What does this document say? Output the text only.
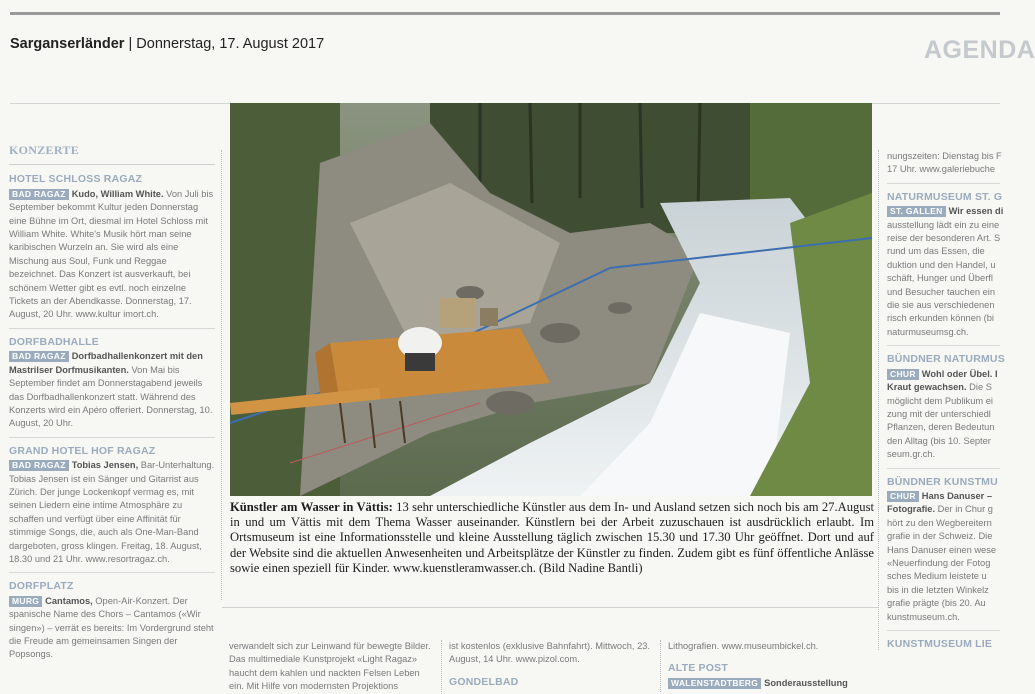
Sarganserländer | Donnerstag, 17. August 2017	AGENDA
KONZERTE
HOTEL SCHLOSS RAGAZ
BAD RAGAZ Kudo, William White. Von Juli bis September bekommt Kultur jeden Donnerstag eine Bühne im Ort, diesmal im Hotel Schloss mit William White. White's Musik hört man seine karibischen Wurzeln an. Sie wird als eine Mischung aus Soul, Funk und Reggae bezeichnet. Das Konzert ist ausverkauft, bei schönem Wetter gibt es evtl. noch einzelne Tickets an der Abendkasse. Donnerstag, 17. August, 20 Uhr. www.kultur imort.ch.
DORFBADHALLE
BAD RAGAZ Dorfbadhallenkonzert mit den Mastrilser Dorfmusikanten. Von Mai bis September findet am Donnerstagabend jeweils das Dorfbadhallenkonzert statt. Während des Konzerts wird ein Apéro offeriert. Donnerstag, 10. August, 20 Uhr.
GRAND HOTEL HOF RAGAZ
BAD RAGAZ Tobias Jensen, Bar-Unterhaltung. Tobias Jensen ist ein Sänger und Gitarrist aus Zürich. Der junge Lockenkopf vermag es, mit seinen Liedern eine intime Atmosphäre zu schaffen und verfügt über eine Affinität für stimmige Songs, die, auch als One-Man-Band dargeboten, gross klingen. Freitag, 18. August, 18.30 und 21 Uhr. www.resortragaz.ch.
DORFPLATZ
MURG Cantamos, Open-Air-Konzert. Der spanische Name des Chors – Cantamos («Wir singen») – verrät es bereits: Im Vordergrund steht die Freude am gemeinsamen Singen der Popsongs.
Künstler am Wasser in Vättis: 13 sehr unterschiedliche Künstler aus dem In- und Ausland setzen sich noch bis am 27.August in und um Vättis mit dem Thema Wasser auseinander. Künstlern bei der Arbeit zuzuschauen ist ausdrücklich erlaubt. Im Ortsmuseum ist eine Informationsstelle und kleine Ausstellung täglich zwischen 15.30 und 17.30 Uhr geöffnet. Dort und auf der Website sind die aktuellen Anwesenheiten und Arbeitsplätze der Künstler zu finden. Zudem gibt es fünf öffentliche Anlässe sowie einen speziell für Kinder. www.kuenstleramwasser.ch. (Bild Nadine Bantli)
nungszeiten: Dienstag bis F
17 Uhr. www.galeriebuche
NATURMUSEUM ST. G
ST. GALLEN Wir essen di
ausstellung lädt ein zu eine
reise der besonderen Art. S
rund um das Essen, die
duktion und den Handel, u
schäft, Hunger und Überfl
und Besucher tauchen ein
die sie aus verschiedenen
risch erkunden können (bi
naturmuseumsg.ch.
BÜNDNER NATURMUS
CHUR Wohl oder Übel. I
Kraut gewachsen. Die S
möglicht dem Publikum ei
zung mit der unterschiedl
Pflanzen, deren Bedeutun
den Alltag (bis 10. Septer
seum.gr.ch.
BÜNDNER KUNSTMU
CHUR Hans Danuser –
Fotografie. Der in Chur g
hört zu den Wegbereitern
grafie in der Schweiz. Die
Hans Danuser einen wese
«Neuerfindung der Fotog
sches Medium leistete u
bis in die letzten Winkelz
grafie prägte (bis 20. Au
kunstmuseum.ch.
KUNSTMUSEUM LIE
verwandelt sich zur Leinwand für bewegte Bilder. Das multimediale Kunstprojekt «Light Ragaz» haucht dem kahlen und nackten Felsen Leben ein. Mit Hilfe von modernsten Projektions
ist kostenlos (exklusive Bahnfahrt). Mittwoch, 23. August, 14 Uhr. www.pizol.com.
GONDELBAD
Lithografien. www.museumbickel.ch.
ALTE POST
WALENSTADTBERG Sonderausstellung
